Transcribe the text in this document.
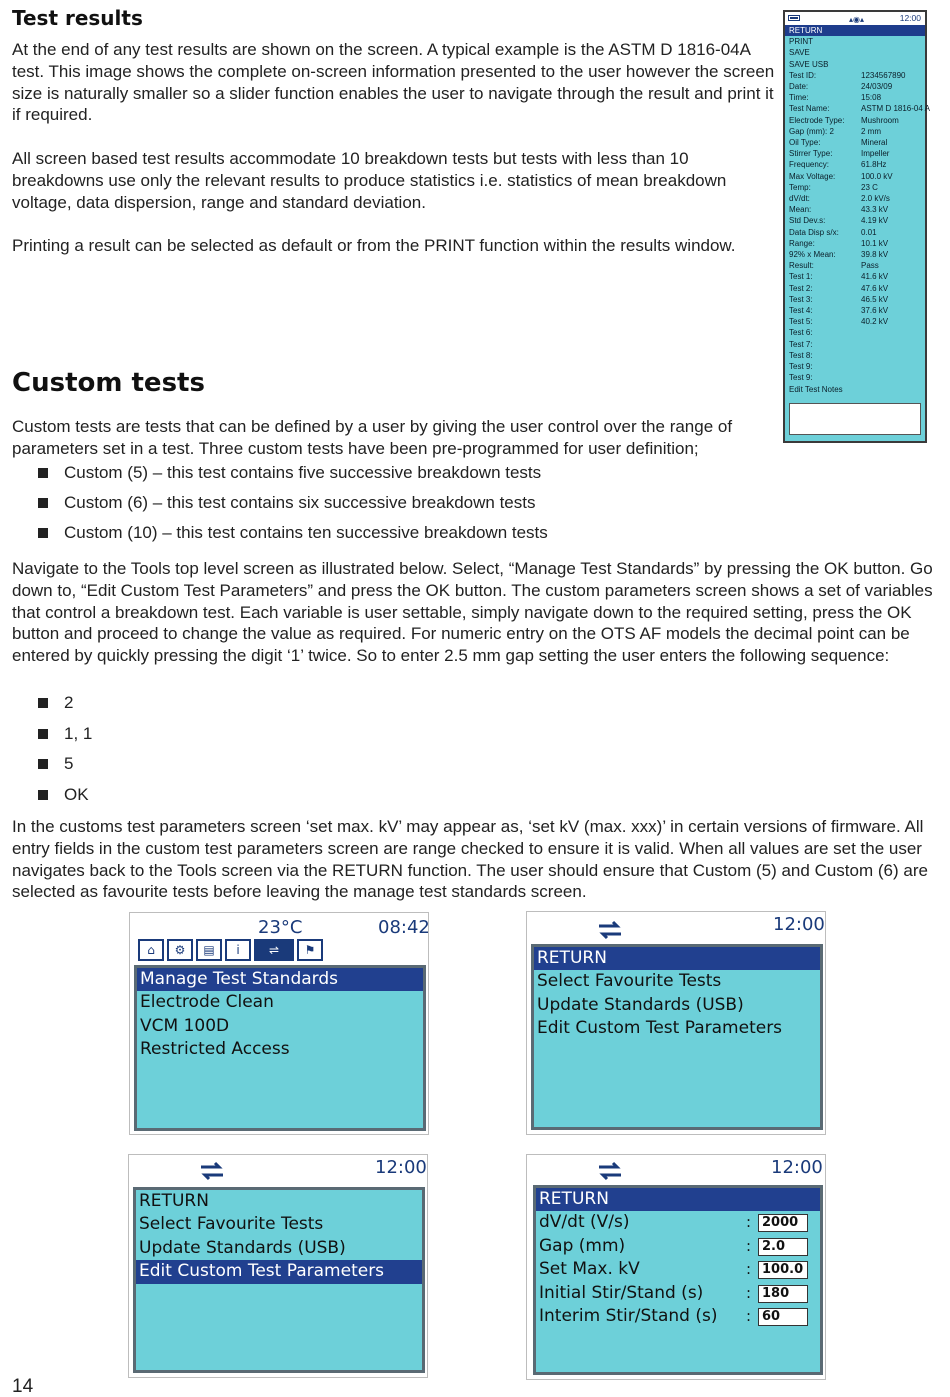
Test results

At the end of any test results are shown on the screen. A typical example is the ASTM D 1816-04A test. This image shows the complete on-screen information presented to the user however the screen size is naturally smaller so a slider function enables the user to navigate through the result and print it if required.

All screen based test results accommodate 10 breakdown tests but tests with less than 10 breakdowns use only the relevant results to produce statistics i.e. statistics of mean breakdown voltage, data dispersion, range and standard deviation.

Printing a result can be selected as default or from the PRINT function within the results window.

▴◉▴	12:00
RETURN
PRINT
SAVE
SAVE USB
Test ID:	1234567890
Date:	24/03/09
Time:	15:08
Test Name:	ASTM D 1816-04 A
Electrode Type: Mushroom
Gap (mm): 2	2 mm
Oil Type:	Mineral
Stirrer Type:	Impeller
Frequency:	61.8Hz
Max Voltage:	100.0 kV
Temp:	23 C
dV/dt:	2.0 kV/s
Mean:	43.3 kV
Std Dev.s:	4.19 kV
Data Disp s/x:	0.01
Range:	10.1 kV
92% x Mean:	39.8 kV
Result:	Pass
Test 1:	41.6 kV
Test 2:	47.6 kV
Test 3:	46.5 kV
Test 4:	37.6 kV
Test 5:	40.2 kV
Test 6:
Test 7:
Test 8:
Test 9:
Test 9:
Edit Test Notes
Custom tests

Custom tests are tests that can be defined by a user by giving the user control over the range of parameters set in a test. Three custom tests have been pre-programmed for user definition;

Custom (5) – this test contains five successive breakdown tests
Custom (6) – this test contains six successive breakdown tests
Custom (10) – this test contains ten successive breakdown tests

Navigate to the Tools top level screen as illustrated below. Select, “Manage Test Standards” by pressing the OK button. Go down to, “Edit Custom Test Parameters” and press the OK button. The custom parameters screen shows a set of variables that control a breakdown test. Each variable is user settable, simply navigate down to the required setting, press the OK button and proceed to change the value as required. For numeric entry on the OTS AF models the decimal point can be entered by quickly pressing the digit ‘1’ twice. So to enter 2.5 mm gap setting the user enters the following sequence:

2
1, 1
5
OK

In the customs test parameters screen ‘set max. kV’ may appear as, ‘set kV (max. xxx)’ in certain versions of firmware. All entry fields in the custom test parameters screen are range checked to ensure it is valid. When all values are set the user navigates back to the Tools screen via the RETURN function. The user should ensure that Custom (5) and Custom (6) are selected as favourite tests before leaving the manage test standards screen.

23°C	08:42
⌂	⚙	▤	i	⇌	⚑
Manage Test Standards
Electrode Clean
VCM 100D
Restricted Access
12:00
RETURN
Select Favourite Tests
Update Standards (USB)
Edit Custom Test Parameters
12:00
RETURN
Select Favourite Tests
Update Standards (USB)
Edit Custom Test Parameters
12:00
RETURN
dV/dt (V/s)	: 2000
Gap (mm)	: 2.0
Set Max. kV	: 100.0
Initial Stir/Stand (s)	: 180
Interim Stir/Stand (s) : 60
14
